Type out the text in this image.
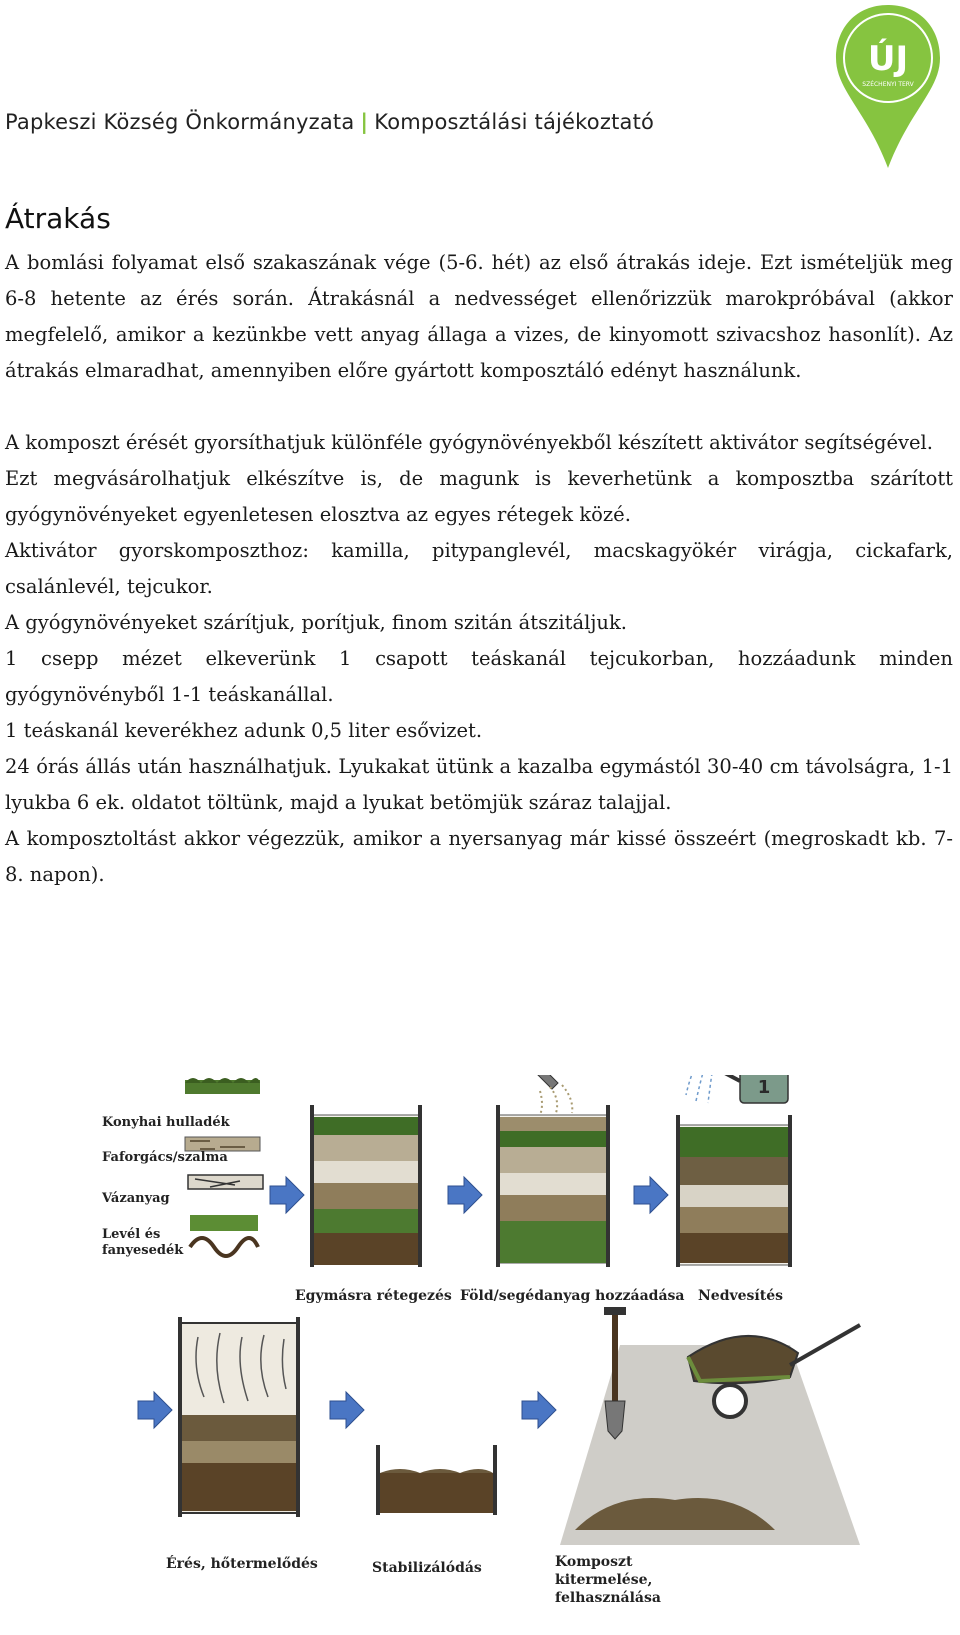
Papkeszi Község Önkormányzata | Komposztálási tájékoztató
ÚJ
SZÉCHENYI TERV
Átrakás

A bomlási folyamat első szakaszának vége (5-6. hét) az első átrakás ideje. Ezt ismételjük meg 6-8 hetente az érés során. Átrakásnál a nedvességet ellenőrizzük marokpróbával (akkor megfelelő, amikor a kezünkbe vett anyag állaga a vizes, de kinyomott szivacshoz hasonlít). Az átrakás elmaradhat, amennyiben előre gyártott komposztáló edényt használunk.

A komposzt érését gyorsíthatjuk különféle gyógynövényekből készített aktivátor segítségével.

Ezt megvásárolhatjuk elkészítve is, de magunk is keverhetünk a komposztba szárított gyógynövényeket egyenletesen elosztva az egyes rétegek közé.

Aktivátor gyorskomposzthoz: kamilla, pitypanglevél, macskagyökér virágja, cickafark, csalánlevél, tejcukor.

A gyógynövényeket szárítjuk, porítjuk, finom szitán átszitáljuk.

1 csepp mézet elkeverünk 1 csapott teáskanál tejcukorban, hozzáadunk minden gyógynövényből 1-1 teáskanállal.

1 teáskanál keverékhez adunk 0,5 liter esővizet.

24 órás állás után használhatjuk. Lyukakat ütünk a kazalba egymástól 30-40 cm távolságra, 1-1 lyukba 6 ek. oldatot töltünk, majd a lyukat betömjük száraz talajjal.

A komposztoltást akkor végezzük, amikor a nyersanyag már kissé összeért (megroskadt kb. 7-8. napon).

1
Konyhai hulladék
Faforgács/szalma
Vázanyag
Levél és fanyesedék
Egymásra rétegezés Föld/segédanyag hozzáadása Nedvesítés
Érés, hőtermelődés	Stabilizálódás	Komposzt kitermelése, felhasználása
